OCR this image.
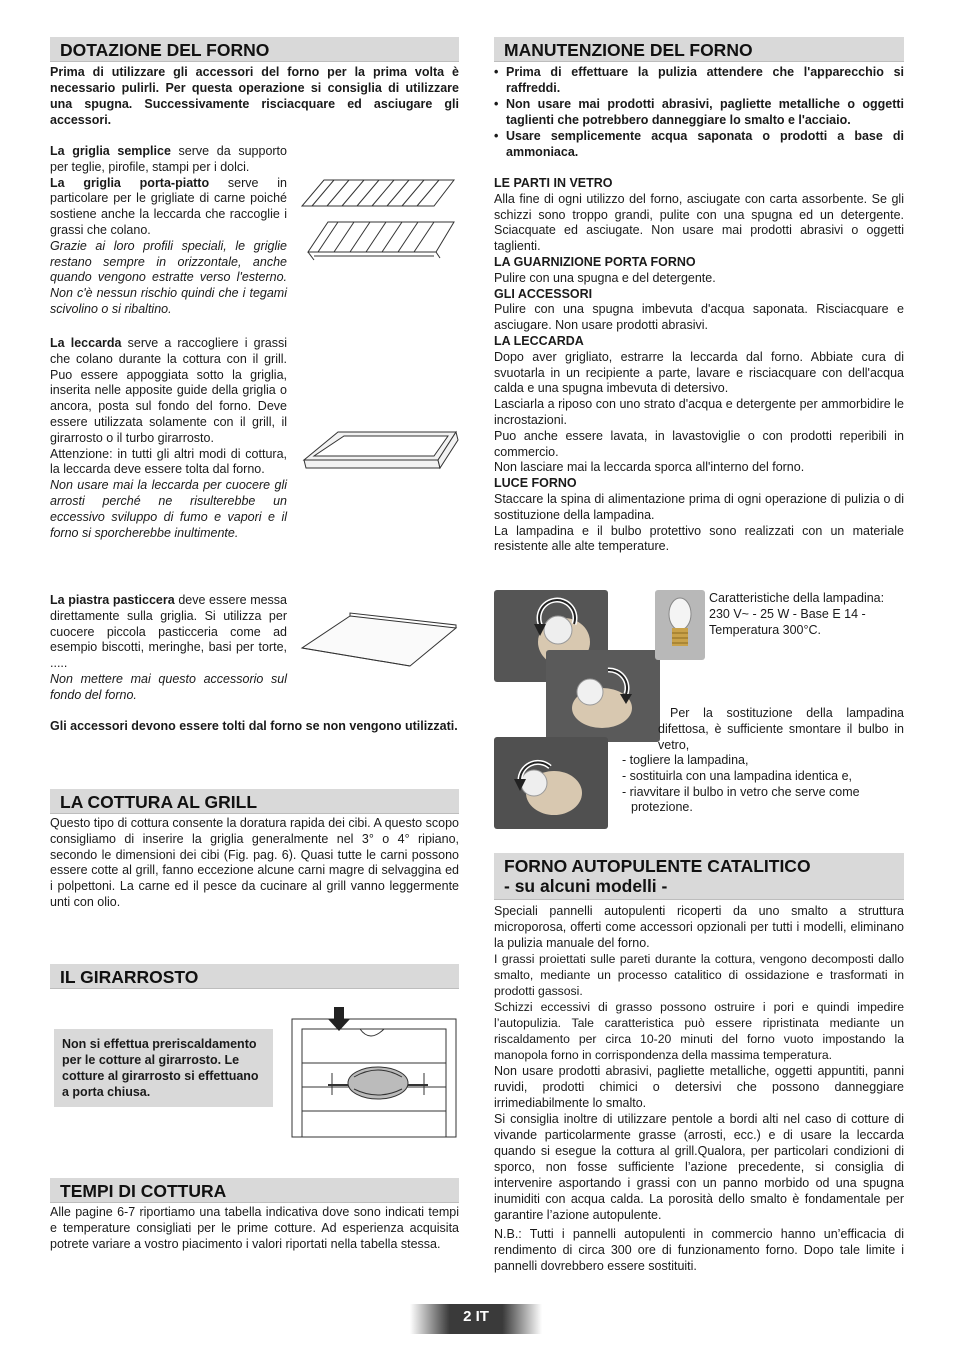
DOTAZIONE DEL FORNO

Prima di utilizzare gli accessori del forno per la prima volta è necessario pulirli. Per questa operazione si consiglia di utilizzare una spugna. Successivamente risciacquare ed asciugare gli accessori.

La griglia semplice serve da supporto per teglie, pirofile, stampi per i dolci.
La griglia porta-piatto serve in particolare per le grigliate di carne poiché sostiene anche la leccarda che raccoglie i grassi che colano.
Grazie ai loro profili speciali, le griglie restano sempre in orizzontale, anche quando vengono estratte verso l'esterno. Non c'è nessun rischio quindi che i tegami scivolino o si ribaltino.

La leccarda serve a raccogliere i grassi che colano durante la cottura con il grill. Puo essere appoggiata sotto la griglia, inserita nelle apposite guide della griglia o ancora, posta sul fondo del forno. Deve essere utilizzata solamente con il grill, il girarrosto o il turbo girarrosto.
Attenzione: in tutti gli altri modi di cottura, la leccarda deve essere tolta dal forno.
Non usare mai la leccarda per cuocere gli arrosti perché ne risulterebbe un eccessivo sviluppo di fumo e vapori e il forno si sporcherebbe inultimente.

La piastra pasticcera deve essere messa direttamente sulla griglia. Si utilizza per cuocere piccola pasticceria come ad esempio biscotti, meringhe, basi per torte, .....
Non mettere mai questo accessorio sul fondo del forno.

Gli accessori devono essere tolti dal forno se non vengono utilizzati.

LA COTTURA AL GRILL

Questo tipo di cottura consente la doratura rapida dei cibi. A questo scopo consigliamo di inserire la griglia generalmente nel 3° o 4° ripiano, secondo le dimensioni dei cibi (Fig. pag. 6). Quasi tutte le carni possono essere cotte al grill, fanno eccezione alcune carni magre di selvaggina ed i polpettoni. La carne ed il pesce da cucinare al grill vanno leggermente unti con olio.

IL GIRARROSTO
Non si effettua preriscaldamento per le cotture al girarrosto. Le cotture al girarrosto si effettuano a porta chiusa.
TEMPI DI COTTURA

Alle pagine 6-7 riportiamo una tabella indicativa dove sono indicati tempi e temperature consigliati per le prime cotture. Ad esperienza acquisita potrete variare a vostro piacimento i valori riportati nella tabella stessa.

MANUTENZIONE DEL FORNO
• Prima di effettuare la pulizia attendere che l'apparecchio si raffreddi.
• Non usare mai prodotti abrasivi, pagliette metalliche o oggetti taglienti che potrebbero danneggiare lo smalto e l'acciaio.
• Usare semplicemente acqua saponata o prodotti a base di ammoniaca.
LE PARTI IN VETRO
Alla fine di ogni utilizzo del forno, asciugate con carta assorbente. Se gli schizzi sono troppo grandi, pulite con una spugna ed un detergente. Sciacquate ed asciugate. Non usare mai prodotti abrasivi o oggetti taglienti.
LA GUARNIZIONE PORTA FORNO
Pulire con una spugna e del detergente.
GLI ACCESSORI
Pulire con una spugna imbevuta d'acqua saponata. Risciacquare e asciugare. Non usare prodotti abrasivi.
LA LECCARDA
Dopo aver grigliato, estrarre la leccarda dal forno. Abbiate cura di svuotarla in un recipiente a parte, lavare e risciacquare con dell'acqua calda e una spugna imbevuta di detersivo.
Lasciarla a riposo con uno strato d'acqua e detergente per ammorbidire le incrostazioni.
Puo anche essere lavata, in lavastoviglie o con prodotti reperibili in commercio.
Non lasciare mai la leccarda sporca all'interno del forno.
LUCE FORNO
Staccare la spina di alimentazione prima di ogni operazione di pulizia o di sostituzione della lampadina.
La lampadina e il bulbo protettivo sono realizzati con un materiale resistente alle alte temperature.

Caratteristiche della lampadina: 230 V~ - 25 W - Base E 14 - Temperatura 300°C.

Per la sostituzione della lampadina difettosa, è sufficiente smontare il bulbo in vetro,

- togliere la lampadina,
- sostituirla con una lampadina identica e,
- riavvitare il bulbo in vetro che serve come protezione.
FORNO AUTOPULENTE CATALITICO
- su alcuni modelli -
Speciali pannelli autopulenti ricoperti da uno smalto a struttura microporosa, offerti come accessori opzionali per tutti i modelli, eliminano la pulizia manuale del forno.
I grassi proiettati sulle pareti durante la cottura, vengono decomposti dallo smalto, mediante un processo catalitico di ossidazione e trasformati in prodotti gassosi.
Schizzi eccessivi di grasso possono ostruire i pori e quindi impedire l’autopulizia. Tale caratteristica può essere ripristinata mediante un riscaldamento per circa 10-20 minuti del forno vuoto impostando la manopola forno in corrispondenza della massima temperatura.
Non usare prodotti abrasivi, pagliette metalliche, oggetti appuntiti, panni ruvidi, prodotti chimici o detersivi che possono danneggiare irrimediabilmente lo smalto.
Si consiglia inoltre di utilizzare pentole a bordi alti nel caso di cotture di vivande particolarmente grasse (arrosti, ecc.) e di usare la leccarda quando si esegue la cottura al grill.Qualora, per particolari condizioni di sporco, non fosse sufficiente l’azione precedente, si consiglia di intervenire asportando i grassi con un panno morbido od una spugna inumiditi con acqua calda. La porosità dello smalto è fondamentale per garantire l’azione autopulente.
N.B.: Tutti i pannelli autopulenti in commercio hanno un’efficacia di rendimento di circa 300 ore di funzionamento forno. Dopo tale limite i pannelli dovrebbero essere sostituiti.
2 IT
